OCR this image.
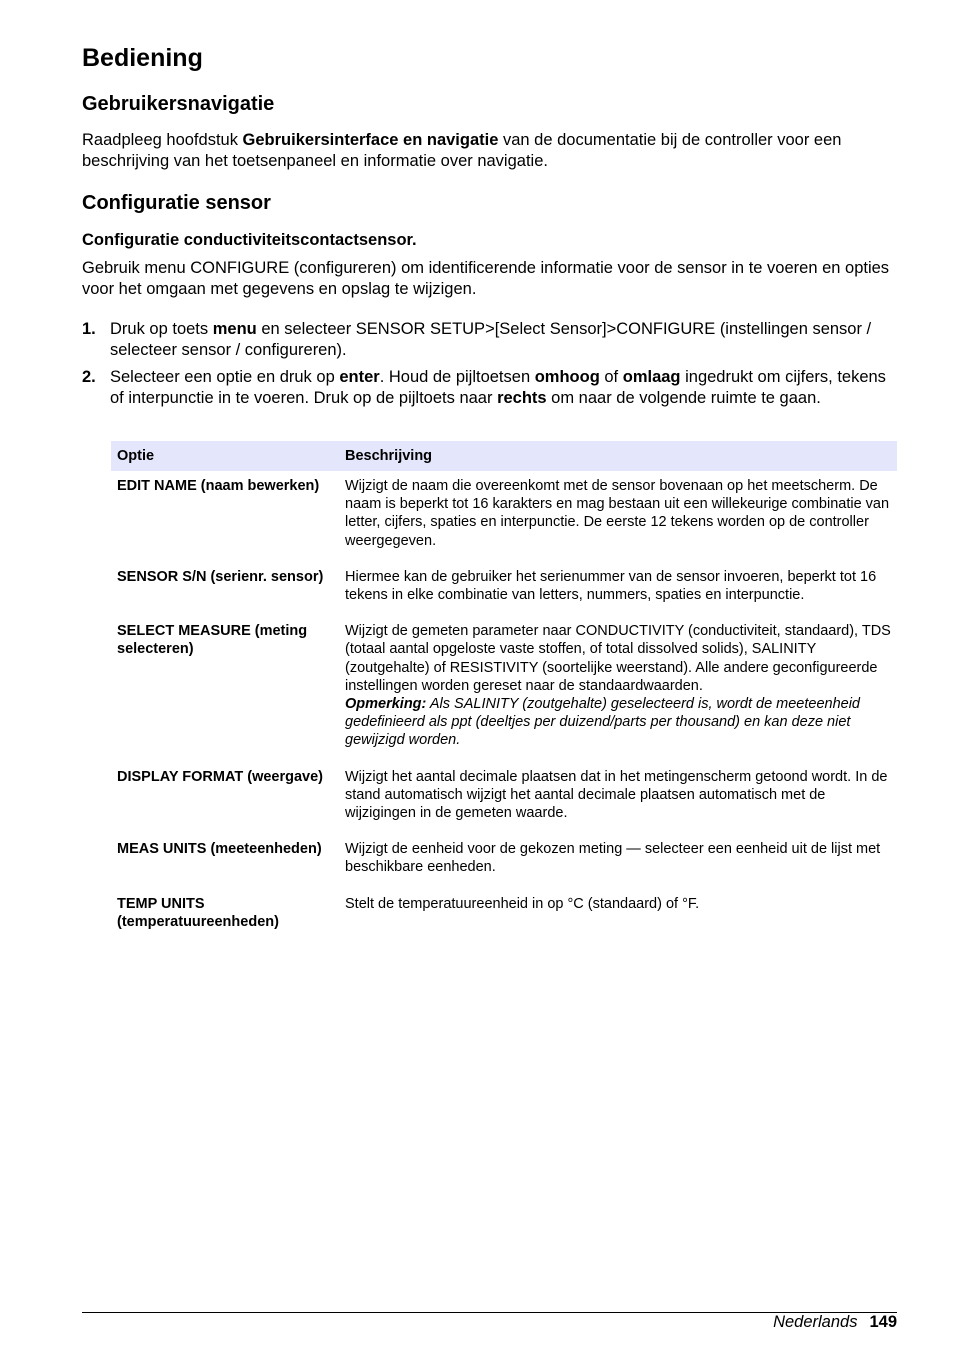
Bediening
Gebruikersnavigatie

Raadpleeg hoofdstuk Gebruikersinterface en navigatie van de documentatie bij de controller voor een beschrijving van het toetsenpaneel en informatie over navigatie.

Configuratie sensor
Configuratie conductiviteitscontactsensor.

Gebruik menu CONFIGURE (configureren) om identificerende informatie voor de sensor in te voeren en opties voor het omgaan met gegevens en opslag te wijzigen.

1. Druk op toets menu en selecteer SENSOR SETUP>[Select Sensor]>CONFIGURE (instellingen sensor / selecteer sensor / configureren).
2. Selecteer een optie en druk op enter. Houd de pijltoetsen omhoog of omlaag ingedrukt om cijfers, tekens of interpunctie in te voeren. Druk op de pijltoets naar rechts om naar de volgende ruimte te gaan.
Optie	Beschrijving
EDIT NAME (naam bewerken)	Wijzigt de naam die overeenkomt met de sensor bovenaan op het meetscherm. De naam is beperkt tot 16 karakters en mag bestaan uit een willekeurige combinatie van letter, cijfers, spaties en interpunctie. De eerste 12 tekens worden op de controller weergegeven.
SENSOR S/N (serienr. sensor)	Hiermee kan de gebruiker het serienummer van de sensor invoeren, beperkt tot 16 tekens in elke combinatie van letters, nummers, spaties en interpunctie.
SELECT MEASURE (meting selecteren)	Wijzigt de gemeten parameter naar CONDUCTIVITY (conductiviteit, standaard), TDS (totaal aantal opgeloste vaste stoffen, of total dissolved solids), SALINITY (zoutgehalte) of RESISTIVITY (soortelijke weerstand). Alle andere geconfigureerde instellingen worden gereset naar de standaardwaarden.
Opmerking: Als SALINITY (zoutgehalte) geselecteerd is, wordt de meeteenheid gedefinieerd als ppt (deeltjes per duizend/parts per thousand) en kan deze niet gewijzigd worden.
DISPLAY FORMAT (weergave)	Wijzigt het aantal decimale plaatsen dat in het metingenscherm getoond wordt. In de stand automatisch wijzigt het aantal decimale plaatsen automatisch met de wijzigingen in de gemeten waarde.
MEAS UNITS (meeteenheden)	Wijzigt de eenheid voor de gekozen meting — selecteer een eenheid uit de lijst met beschikbare eenheden.
TEMP UNITS (temperatuureenheden)	Stelt de temperatuureenheid in op °C (standaard) of °F.
Nederlands 149
